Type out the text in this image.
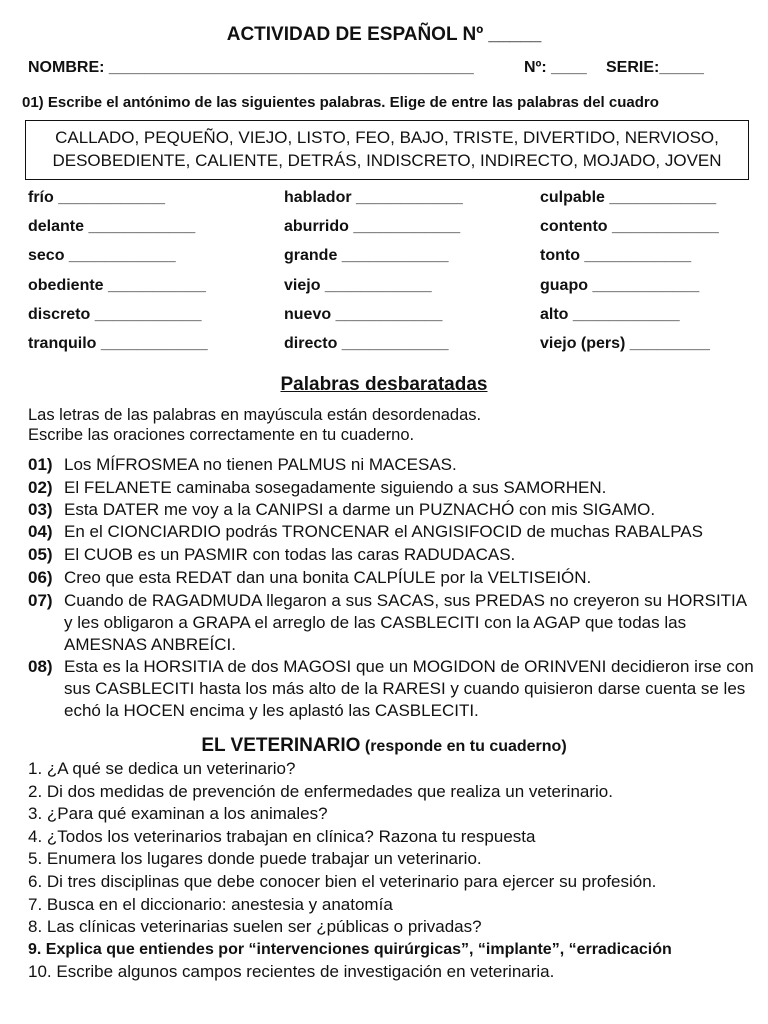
ACTIVIDAD DE ESPAÑOL Nº _____
NOMBRE: _________________________________________	Nº: ____ SERIE:_____
01) Escribe el antónimo de las siguientes palabras. Elige de entre las palabras del cuadro
CALLADO, PEQUEÑO, VIEJO, LISTO, FEO, BAJO, TRISTE, DIVERTIDO, NERVIOSO,
DESOBEDIENTE, CALIENTE, DETRÁS, INDISCRETO, INDIRECTO, MOJADO, JOVEN
frío ____________	hablador ____________	culpable ____________
delante ____________	aburrido ____________	contento ____________
seco ____________	grande ____________	tonto ____________
obediente ___________	viejo ____________	guapo ____________
discreto ____________	nuevo ____________	alto ____________
tranquilo ____________	directo ____________	viejo (pers) _________
Palabras desbaratadas
Las letras de las palabras en mayúscula están desordenadas.
Escribe las oraciones correctamente en tu cuaderno.
01) Los MÍFROSMEA no tienen PALMUS ni MACESAS.
02) El FELANETE caminaba sosegadamente siguiendo a sus SAMORHEN.
03) Esta DATER me voy a la CANIPSI a darme un PUZNACHÓ con mis SIGAMO.
04) En el CIONCIARDIO podrás TRONCENAR el ANGISIFOCID de muchas RABALPAS
05) El CUOB es un PASMIR con todas las caras RADUDACAS.
06) Creo que esta REDAT dan una bonita CALPÍULE por la VELTISEIÓN.
07) Cuando de RAGADMUDA llegaron a sus SACAS, sus PREDAS no creyeron su HORSITIA y les obligaron a GRAPA el arreglo de las CASBLECITI con la AGAP que todas las AMESNAS ANBREÍCI.
08) Esta es la HORSITIA de dos MAGOSI que un MOGIDON de ORINVENI decidieron irse con sus CASBLECITI hasta los más alto de la RARESI y cuando quisieron darse cuenta se les echó la HOCEN encima y les aplastó las CASBLECITI.
EL VETERINARIO (responde en tu cuaderno)
1. ¿A qué se dedica un veterinario?
2. Di dos medidas de prevención de enfermedades que realiza un veterinario.
3. ¿Para qué examinan a los animales?
4. ¿Todos los veterinarios trabajan en clínica? Razona tu respuesta
5. Enumera los lugares donde puede trabajar un veterinario.
6. Di tres disciplinas que debe conocer bien el veterinario para ejercer su profesión.
7. Busca en el diccionario: anestesia y anatomía
8. Las clínicas veterinarias suelen ser ¿públicas o privadas?
9. Explica que entiendes por “intervenciones quirúrgicas”, “implante”, “erradicación
10. Escribe algunos campos recientes de investigación en veterinaria.
